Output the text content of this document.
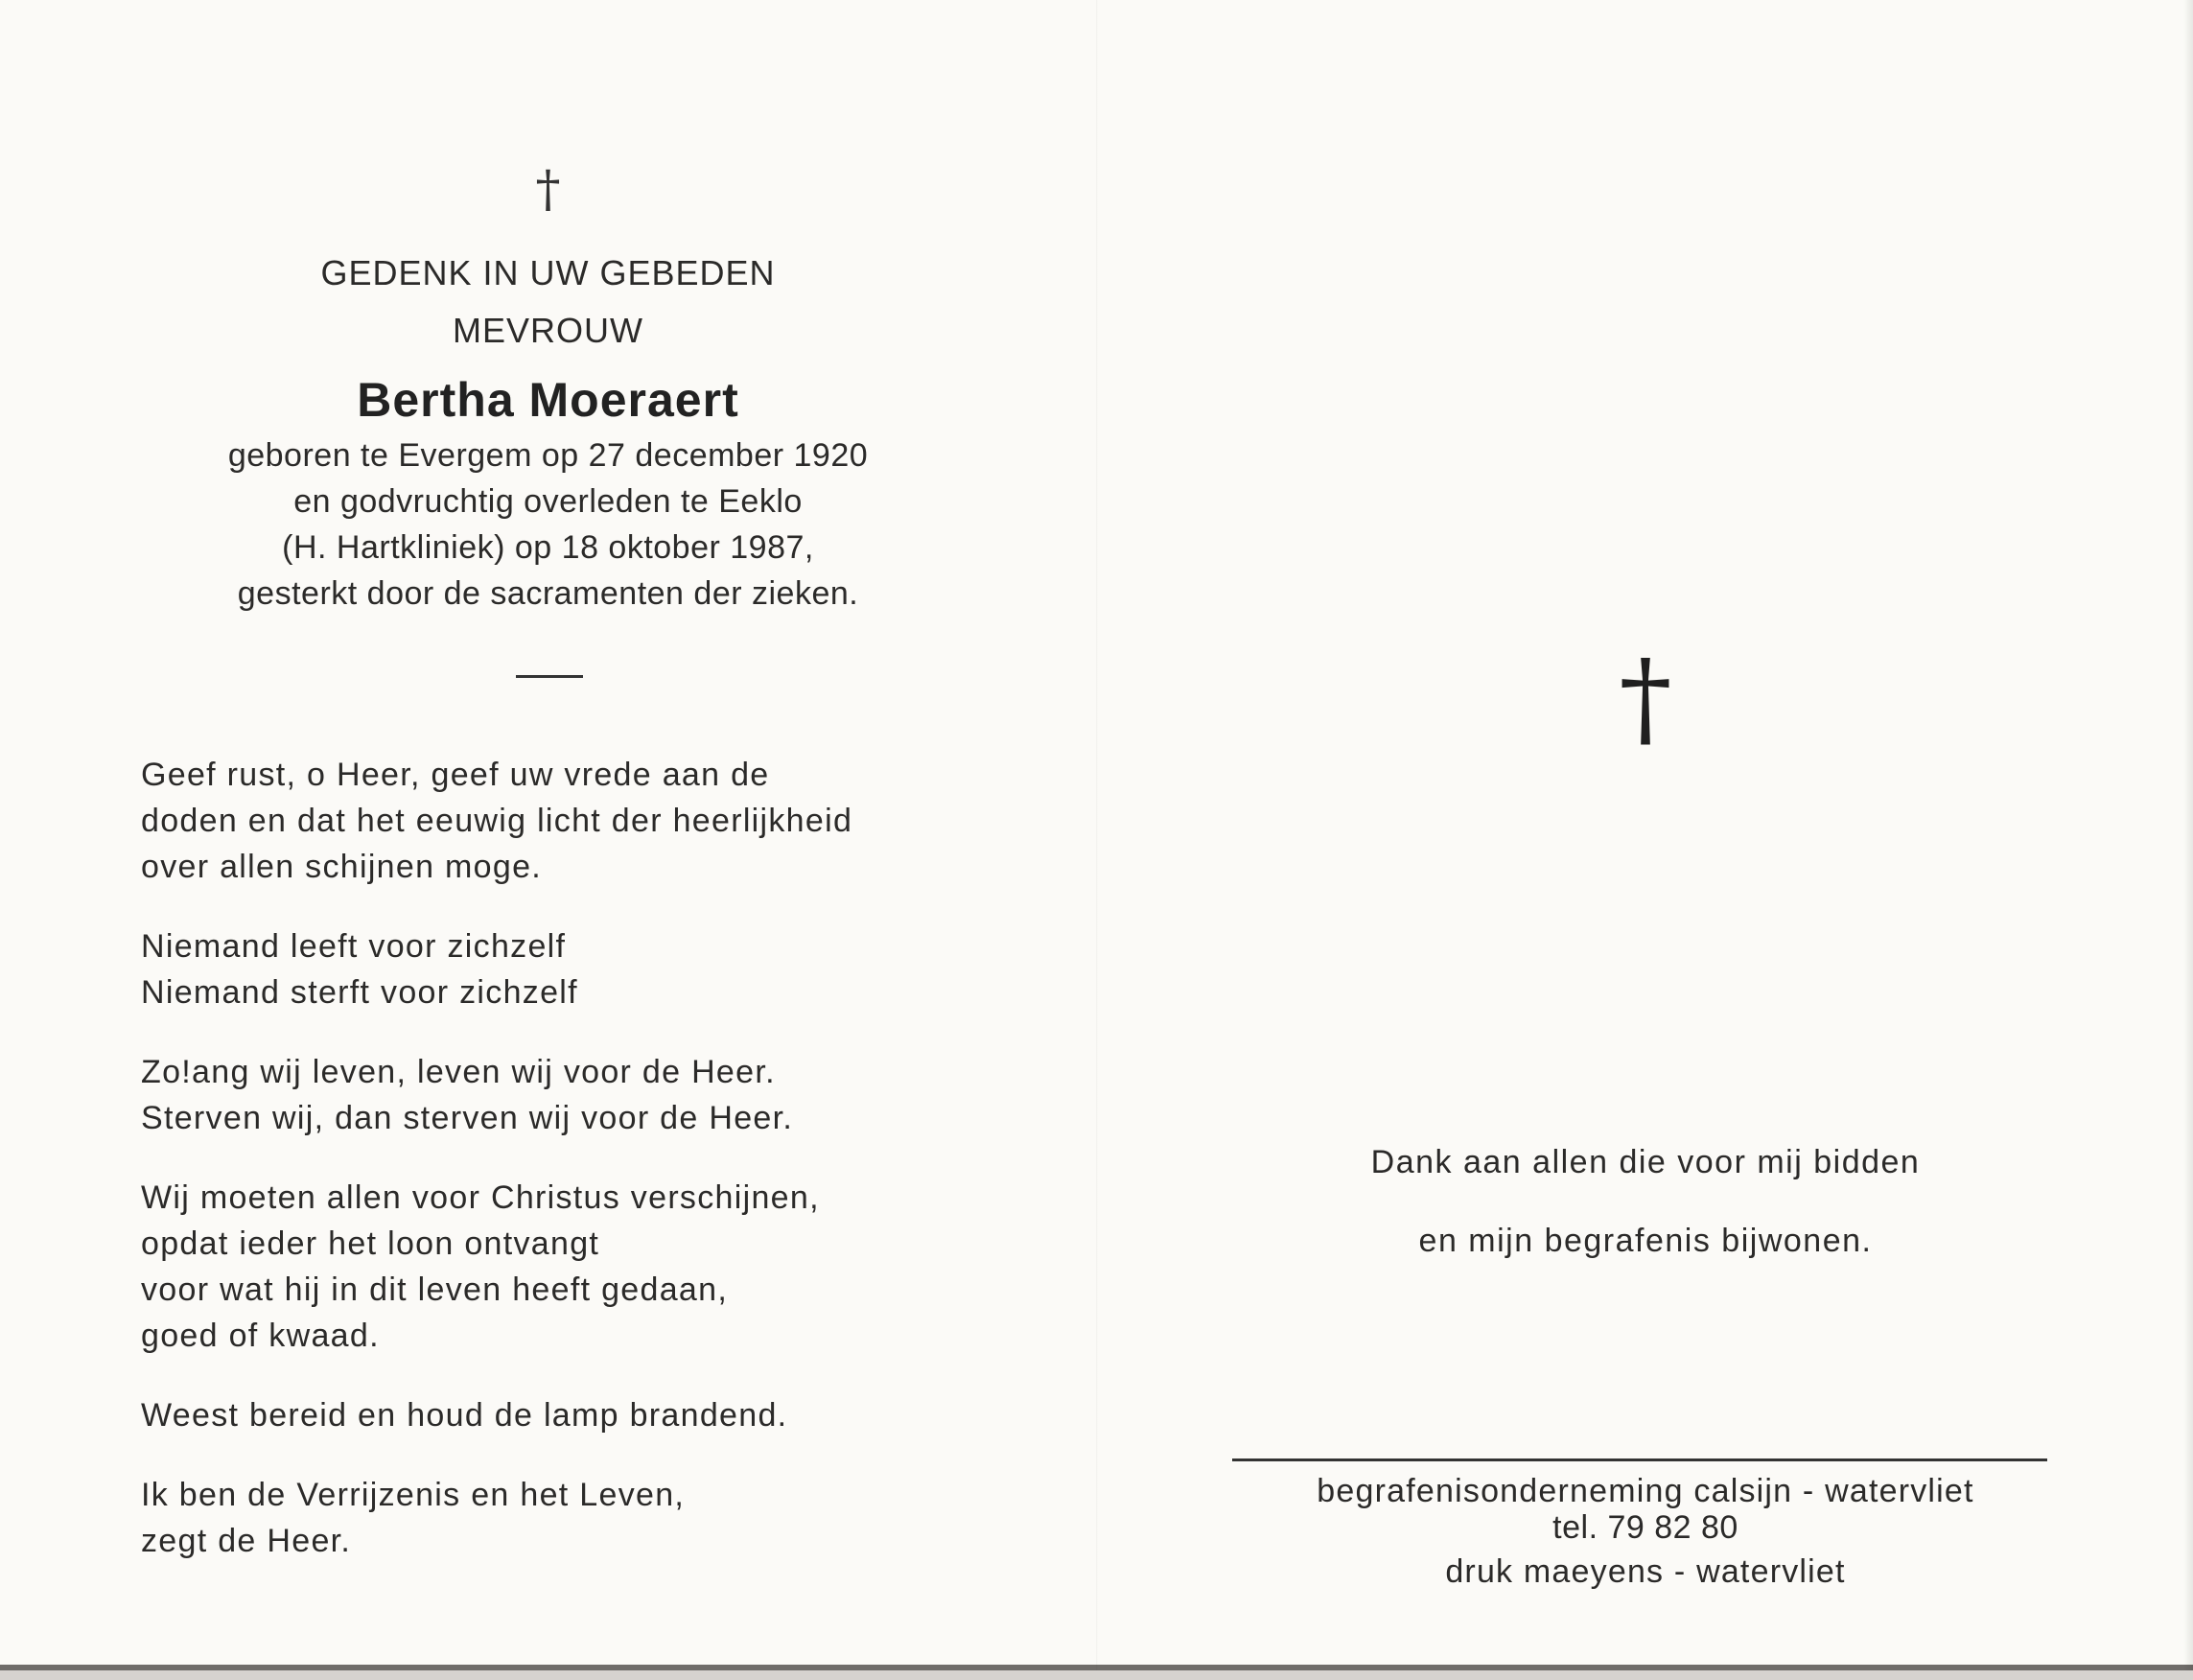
†
GEDENK IN UW GEBEDEN
MEVROUW
Bertha Moeraert
geboren te Evergem op 27 december 1920
en godvruchtig overleden te Eeklo
(H. Hartkliniek) op 18 oktober 1987,
gesterkt door de sacramenten der zieken.
Geef rust, o Heer, geef uw vrede aan de
doden en dat het eeuwig licht der heerlijkheid
over allen schijnen moge.
Niemand leeft voor zichzelf
Niemand sterft voor zichzelf
Zo!ang wij leven, leven wij voor de Heer.
Sterven wij, dan sterven wij voor de Heer.
Wij moeten allen voor Christus verschijnen,
opdat ieder het loon ontvangt
voor wat hij in dit leven heeft gedaan,
goed of kwaad.
Weest bereid en houd de lamp brandend.
Ik ben de Verrijzenis en het Leven,
zegt de Heer.
†
Dank aan allen die voor mij bidden
en mijn begrafenis bijwonen.
begrafenisonderneming calsijn - watervliet
tel. 79 82 80
druk maeyens - watervliet
